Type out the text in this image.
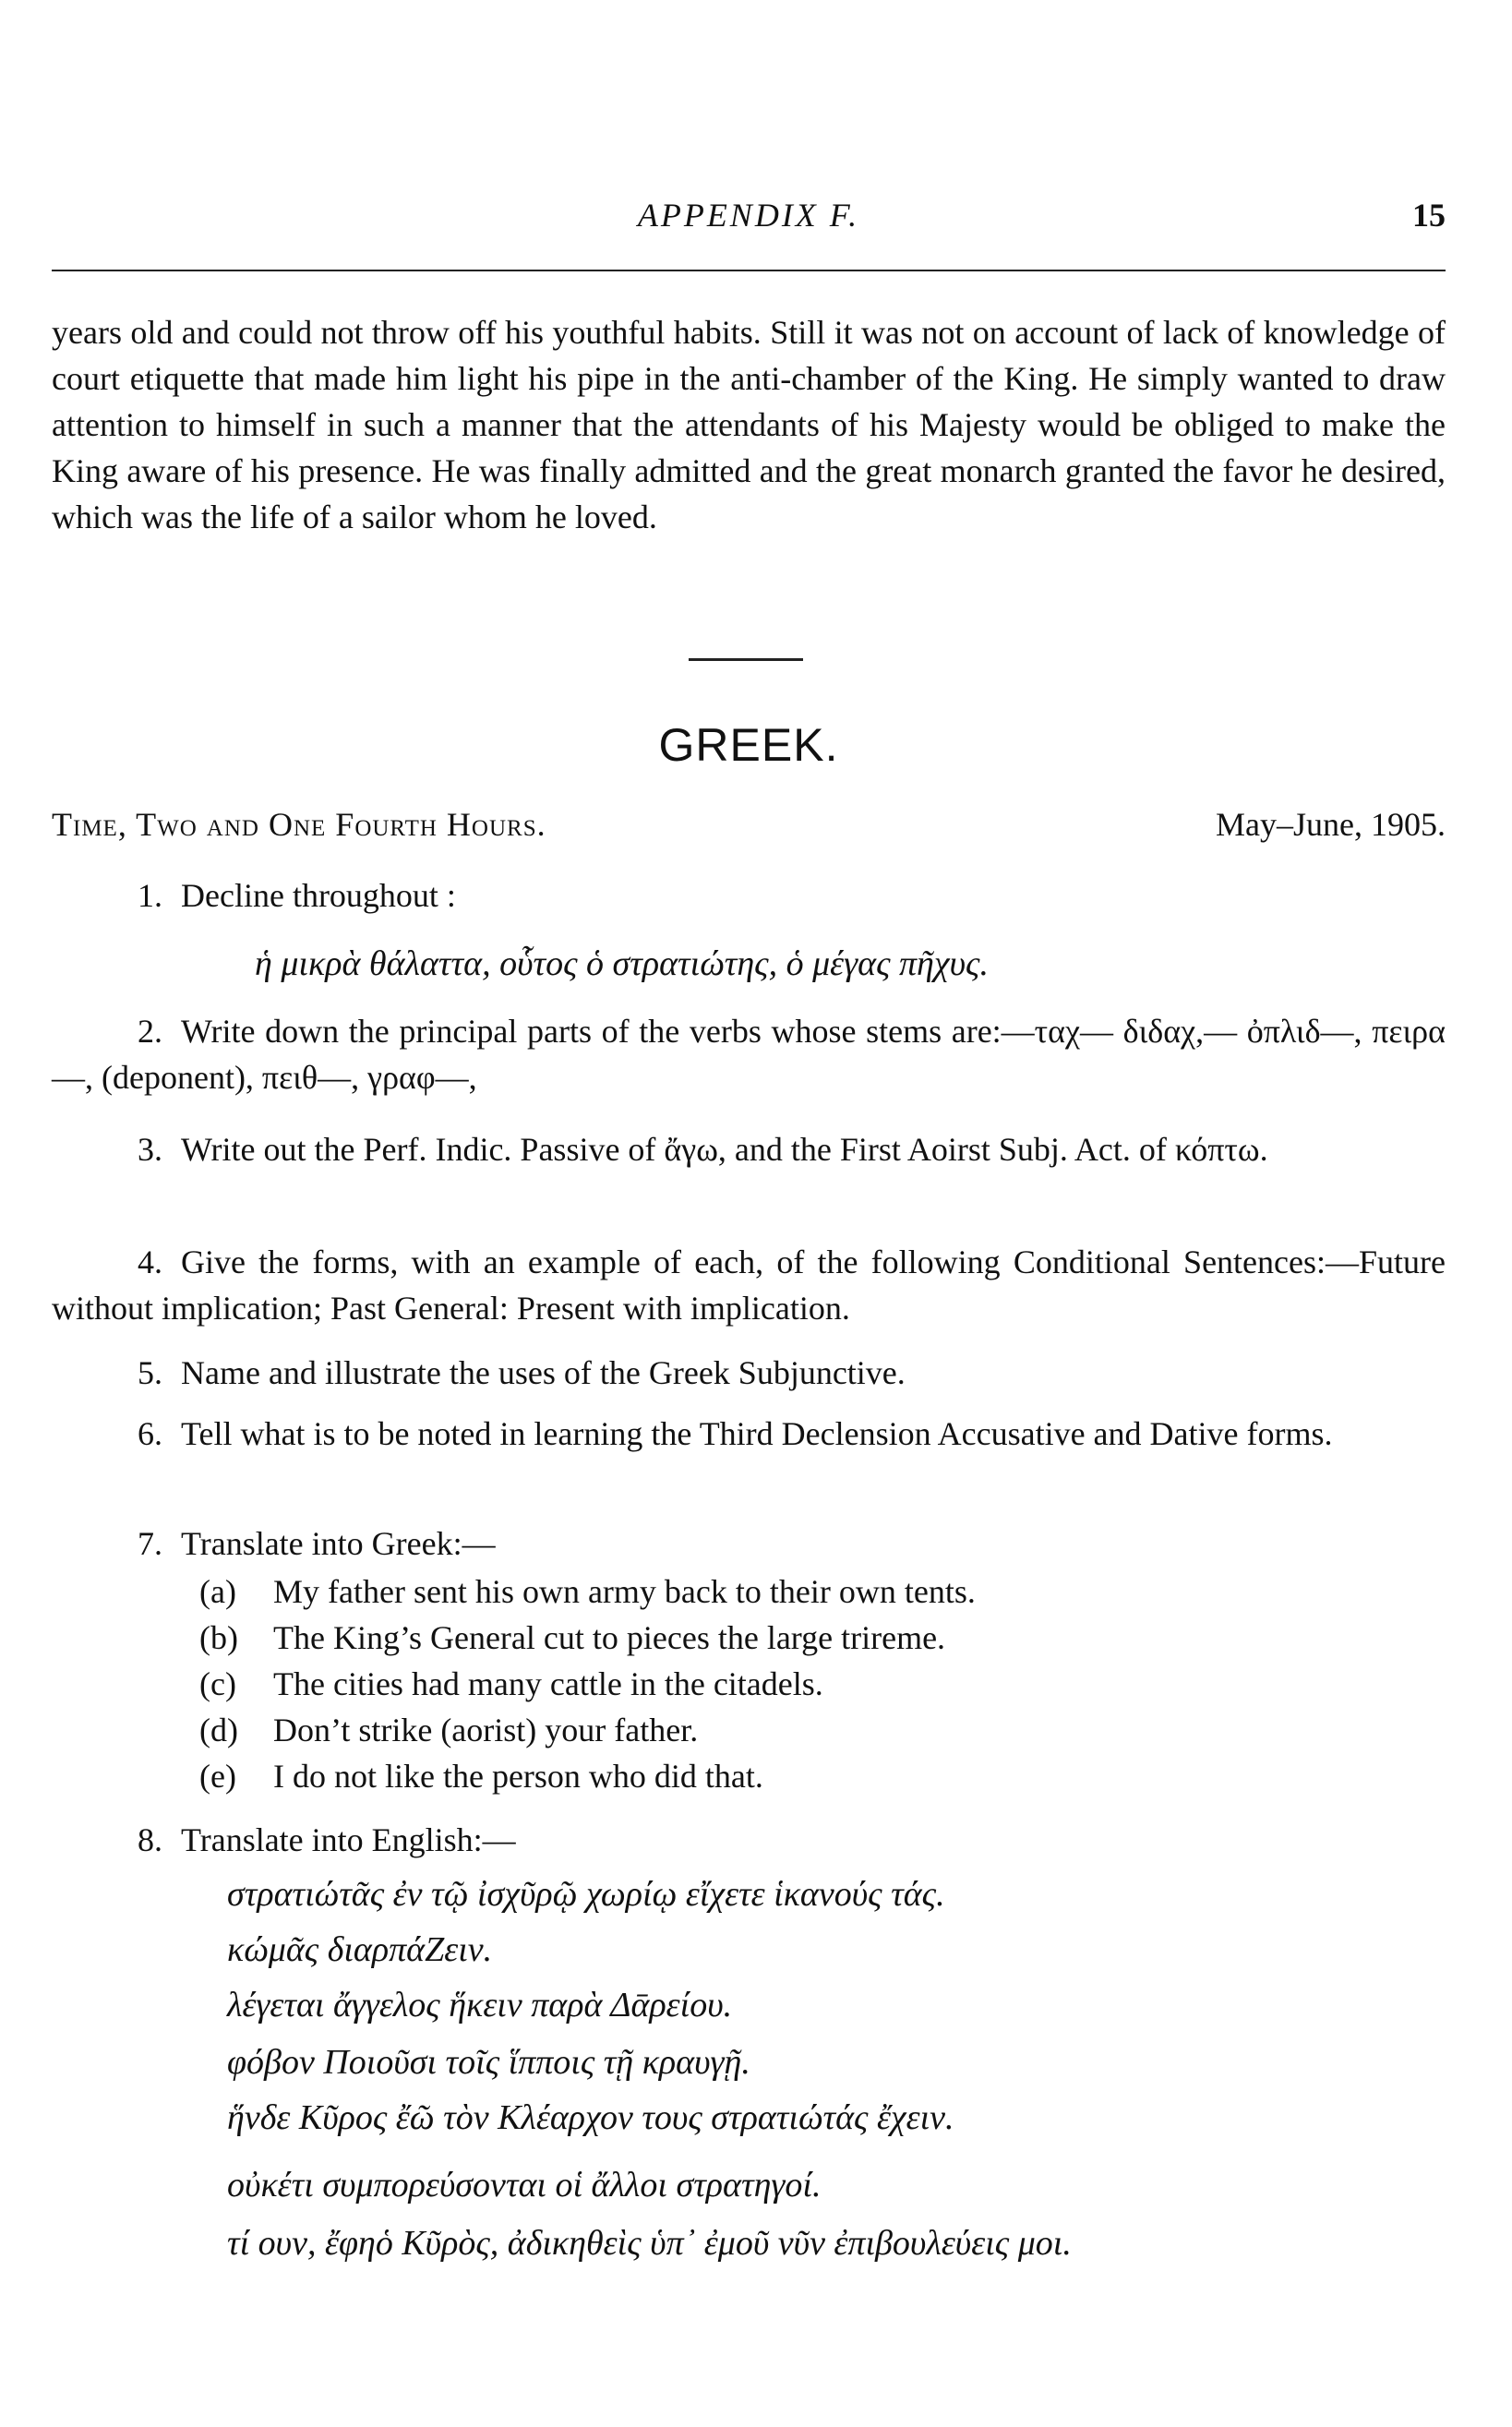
APPENDIX F.	15

years old and could not throw off his youthful habits. Still it was not on account of lack of knowledge of court etiquette that made him light his pipe in the anti-chamber of the King. He simply wanted to draw attention to himself in such a manner that the attendants of his Majesty would be obliged to make the King aware of his presence. He was finally admitted and the great monarch granted the favor he desired, which was the life of a sailor whom he loved.

GREEK.
Time, Two and One Fourth Hours.	May–June, 1905.
1. Decline throughout :
ἡ μικρὰ θάλαττα, οὗτος ὁ στρατιώτης, ὁ μέγας πῆχυς.
2. Write down the principal parts of the verbs whose stems are:—ταχ— διδαχ,— ὀπλιδ—, πειρα—, (deponent), πειθ—, γραφ—,
3. Write out the Perf. Indic. Passive of ἄγω, and the First Aoirst Subj. Act. of κόπτω.
4. Give the forms, with an example of each, of the following Conditional Sentences:—Future without implication; Past General: Present with implication.
5. Name and illustrate the uses of the Greek Subjunctive.
6. Tell what is to be noted in learning the Third Declension Accusative and Dative forms.
7. Translate into Greek:—
(a) My father sent his own army back to their own tents.
(b) The King’s General cut to pieces the large trireme.
(c) The cities had many cattle in the citadels.
(d) Don’t strike (aorist) your father.
(e) I do not like the person who did that.
8. Translate into English:—
στρατιώτᾶς ἐν τῷ ἰσχῦρῷ χωρίῳ εἴχετε ἱκανούς τάς.
κώμᾶς διαρπάΖειν.
λέγεται ἄγγελος ἥκειν παρὰ Δᾱρείου.
φόβον Ποιοῦσι τοῖς ἵπποις τῇ κραυγῇ.
ἥνδε Κῦρος ἔῶ τὸν Κλέαρχον τους στρατιώτάς ἔχειν.
οὐκέτι συμπορεύσονται οἱ ἄλλοι στρατηγοί.
τί ουν, ἔφηὁ Κῦρὸς, ἀδικηθεὶς ὑπ᾽ ἐμοῦ νῦν ἐπιβουλεύεις μοι.
